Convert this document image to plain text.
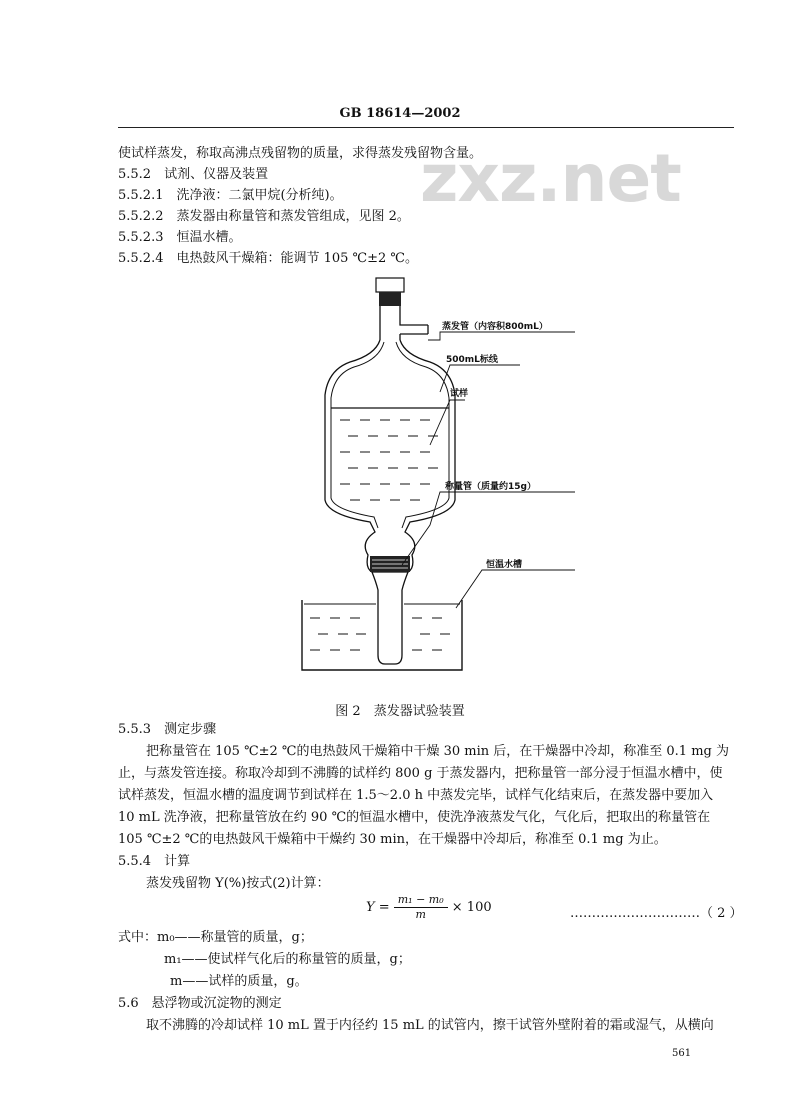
GB 18614—2002
zxz.net
使试样蒸发，称取高沸点残留物的质量，求得蒸发残留物含量。
5.5.2　试剂、仪器及装置
5.5.2.1　洗净液：二氯甲烷(分析纯)。
5.5.2.2　蒸发器由称量管和蒸发管组成，见图 2。
5.5.2.3　恒温水槽。
5.5.2.4　电热鼓风干燥箱：能调节 105 ℃±2 ℃。
蒸发管（内容积800mL）
500mL标线
试样
称量管（质量约15g）
恒温水槽
图 2　蒸发器试验装置
5.5.3　测定步骤
把称量管在 105 ℃±2 ℃的电热鼓风干燥箱中干燥 30 min 后，在干燥器中冷却，称准至 0.1 mg 为
止，与蒸发管连接。称取冷却到不沸腾的试样约 800 g 于蒸发器内，把称量管一部分浸于恒温水槽中，使
试样蒸发，恒温水槽的温度调节到试样在 1.5～2.0 h 中蒸发完毕，试样气化结束后，在蒸发器中要加入
10 mL 洗净液，把称量管放在约 90 ℃的恒温水槽中，使洗净液蒸发气化，气化后，把取出的称量管在
105 ℃±2 ℃的电热鼓风干燥箱中干燥约 30 min，在干燥器中冷却后，称准至 0.1 mg 为止。
5.5.4　计算
蒸发残留物 Y(%)按式(2)计算：
$Y = \frac{\text{m₁ − m₀}}{m} \times 100$	…………………………（ 2 ）
式中：m₀——称量管的质量，g；
m₁——使试样气化后的称量管的质量，g；
m——试样的质量，g。
5.6　悬浮物或沉淀物的测定
取不沸腾的冷却试样 10 mL 置于内径约 15 mL 的试管内，擦干试管外壁附着的霜或湿气，从横向
561
